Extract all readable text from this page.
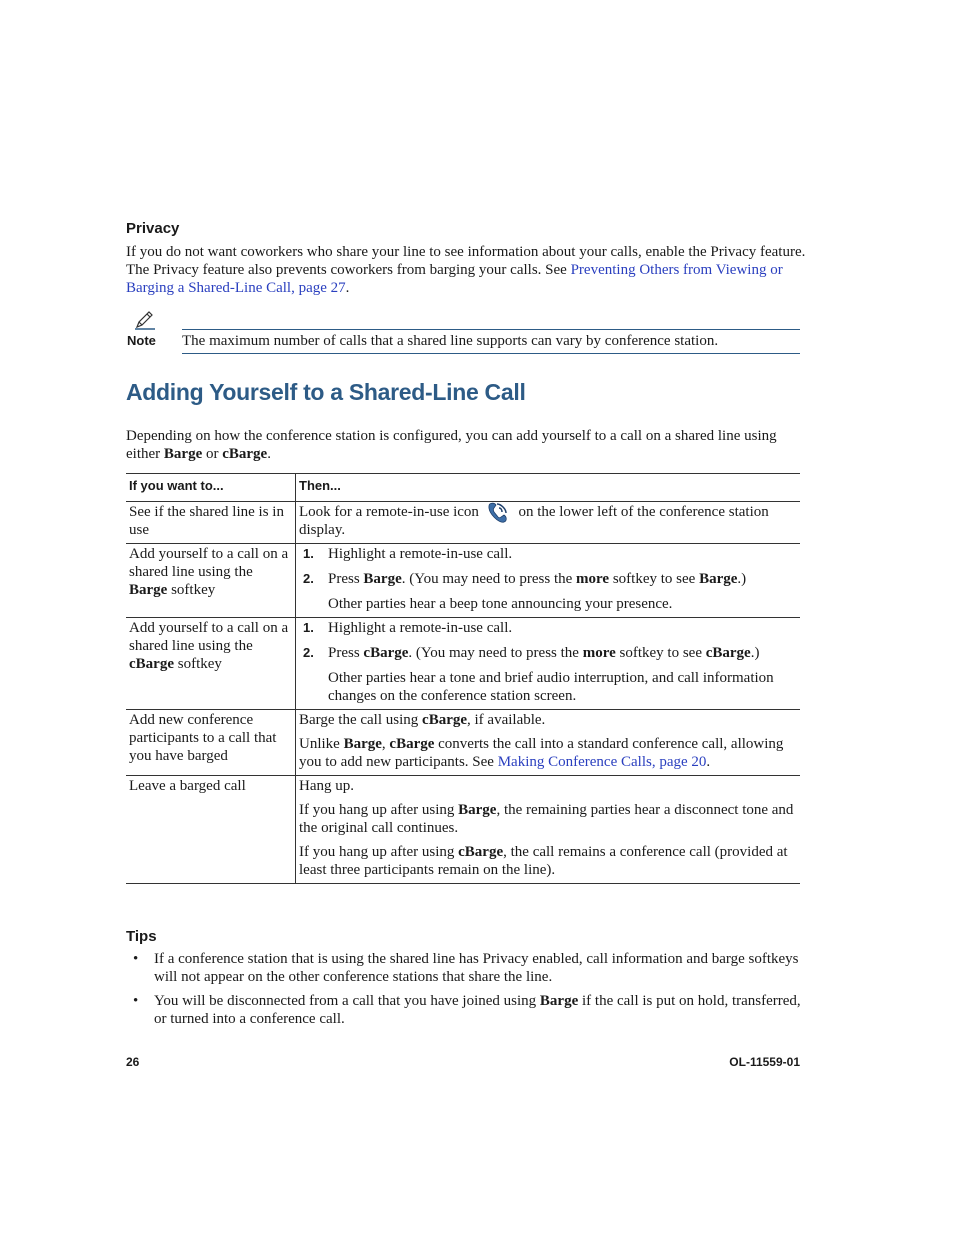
Privacy
If you do not want coworkers who share your line to see information about your calls, enable the Privacy feature. The Privacy feature also prevents coworkers from barging your calls. See Preventing Others from Viewing or Barging a Shared-Line Call, page 27.
Note The maximum number of calls that a shared line supports can vary by conference station.
Adding Yourself to a Shared-Line Call
Depending on how the conference station is configured, you can add yourself to a call on a shared line using either Barge or cBarge.
If you want to...	Then...
See if the shared line is in use	Look for a remote-in-use icon on the lower left of the conference station display.
Add yourself to a call on a shared line using the Barge softkey	1. Highlight a remote-in-use call.
2. Press Barge. (You may need to press the more softkey to see Barge.)
Other parties hear a beep tone announcing your presence.

Add yourself to a call on a shared line using the cBarge softkey	1. Highlight a remote-in-use call.
2. Press cBarge. (You may need to press the more softkey to see cBarge.)
Other parties hear a tone and brief audio interruption, and call information changes on the conference station screen.

Add new conference participants to a call that you have barged	Barge the call using cBarge, if available.
Unlike Barge, cBarge converts the call into a standard conference call, allowing you to add new participants. See Making Conference Calls, page 20.

Leave a barged call	Hang up.
If you hang up after using Barge, the remaining parties hear a disconnect tone and the original call continues.
If you hang up after using cBarge, the call remains a conference call (provided at least three participants remain on the line).
Tips
• If a conference station that is using the shared line has Privacy enabled, call information and barge softkeys will not appear on the other conference stations that share the line.
• You will be disconnected from a call that you have joined using Barge if the call is put on hold, transferred, or turned into a conference call.
26	OL-11559-01
